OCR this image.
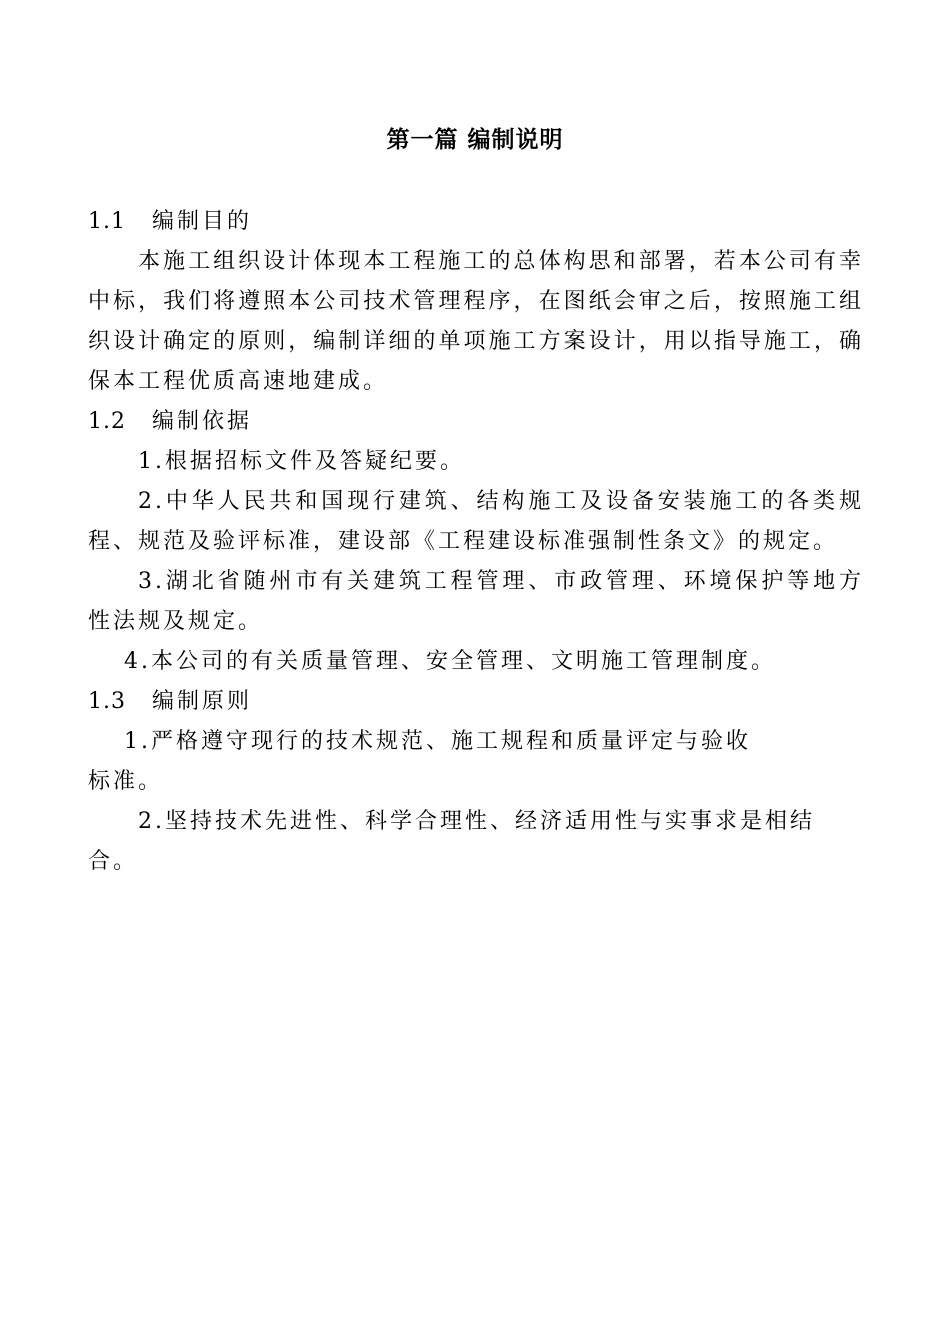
第一篇 编制说明
1.1 编制目的

本施工组织设计体现本工程施工的总体构思和部署，若本公司有幸中标，我们将遵照本公司技术管理程序，在图纸会审之后，按照施工组织设计确定的原则，编制详细的单项施工方案设计，用以指导施工，确保本工程优质高速地建成。

1.2 编制依据

1.根据招标文件及答疑纪要。

2.中华人民共和国现行建筑、结构施工及设备安装施工的各类规程、规范及验评标准，建设部《工程建设标准强制性条文》的规定。

3.湖北省随州市有关建筑工程管理、市政管理、环境保护等地方性法规及规定。

4.本公司的有关质量管理、安全管理、文明施工管理制度。

1.3 编制原则

1.严格遵守现行的技术规范、施工规程和质量评定与验收

标准。

2.坚持技术先进性、科学合理性、经济适用性与实事求是相结合。
